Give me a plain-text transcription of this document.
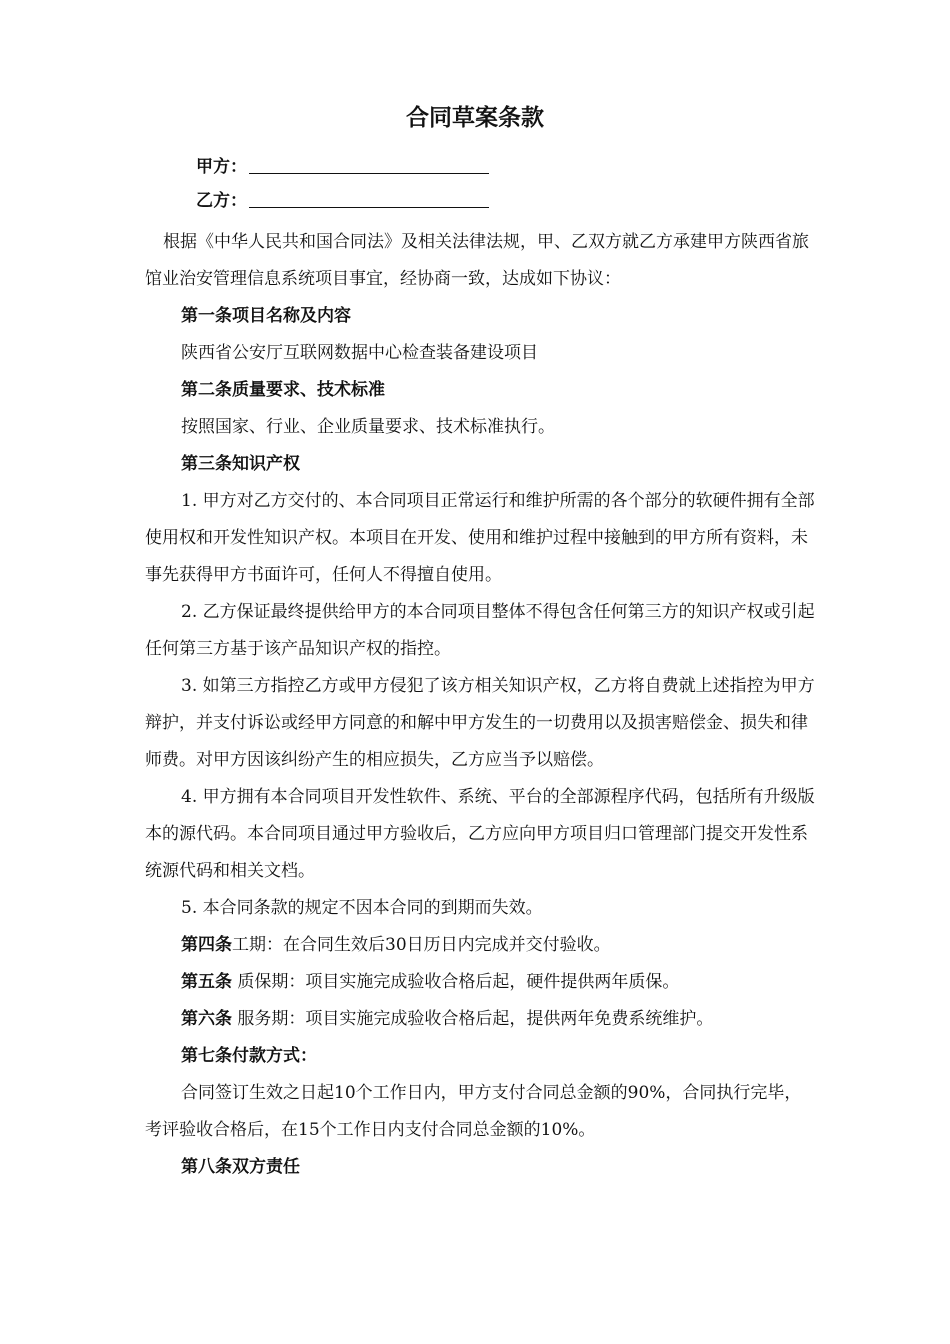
合同草案条款
甲方：
乙方：

根据《中华人民共和国合同法》及相关法律法规，甲、乙双方就乙方承建甲方陕西省旅馆业治安管理信息系统项目事宜，经协商一致，达成如下协议：

第一条项目名称及内容

陕西省公安厅互联网数据中心检查装备建设项目

第二条质量要求、技术标准

按照国家、行业、企业质量要求、技术标准执行。

第三条知识产权

1. 甲方对乙方交付的、本合同项目正常运行和维护所需的各个部分的软硬件拥有全部使用权和开发性知识产权。本项目在开发、使用和维护过程中接触到的甲方所有资料，未事先获得甲方书面许可，任何人不得擅自使用。

2. 乙方保证最终提供给甲方的本合同项目整体不得包含任何第三方的知识产权或引起任何第三方基于该产品知识产权的指控。

3. 如第三方指控乙方或甲方侵犯了该方相关知识产权，乙方将自费就上述指控为甲方辩护，并支付诉讼或经甲方同意的和解中甲方发生的一切费用以及损害赔偿金、损失和律师费。对甲方因该纠纷产生的相应损失，乙方应当予以赔偿。

4. 甲方拥有本合同项目开发性软件、系统、平台的全部源程序代码，包括所有升级版本的源代码。本合同项目通过甲方验收后，乙方应向甲方项目归口管理部门提交开发性系统源代码和相关文档。

5. 本合同条款的规定不因本合同的到期而失效。

第四条工期：在合同生效后30日历日内完成并交付验收。

第五条 质保期：项目实施完成验收合格后起，硬件提供两年质保。

第六条 服务期：项目实施完成验收合格后起，提供两年免费系统维护。

第七条付款方式：

合同签订生效之日起10个工作日内，甲方支付合同总金额的90%，合同执行完毕，考评验收合格后，在15个工作日内支付合同总金额的10%。

第八条双方责任
